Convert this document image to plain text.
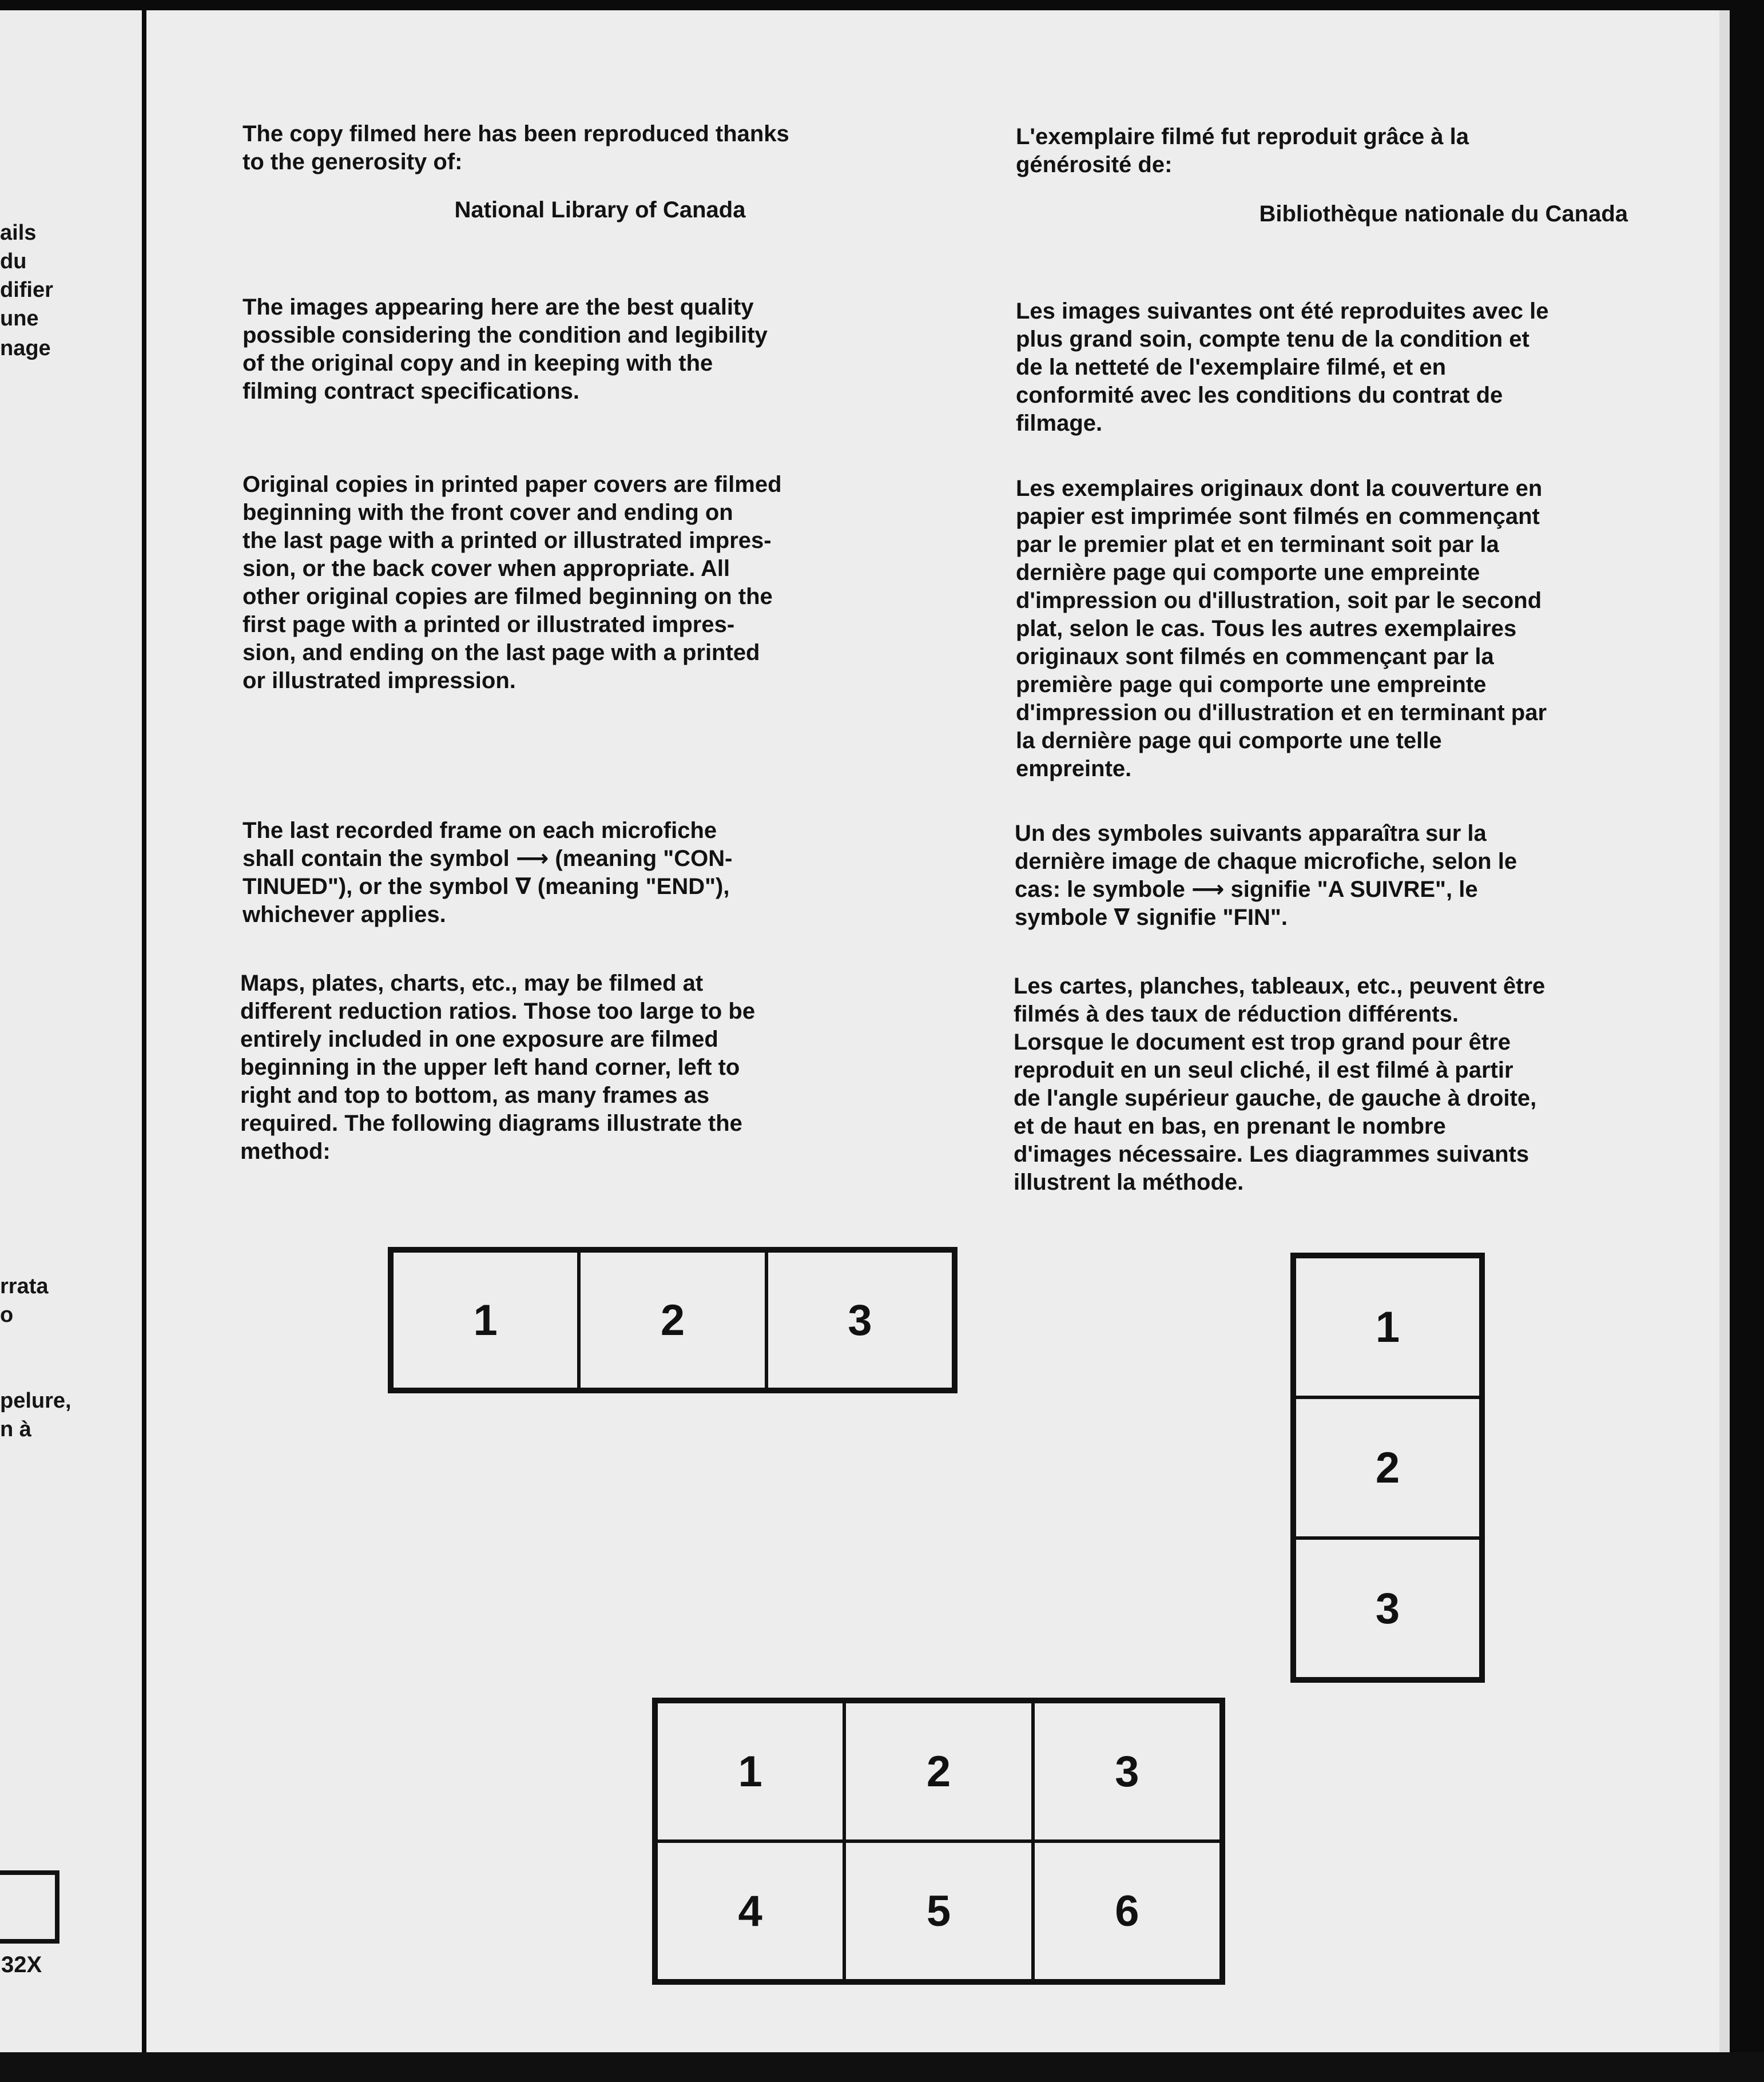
ails
du
difier
une
nage
rrata
o
pelure,
n à
32X
The copy filmed here has been reproduced thanks
to the generosity of:
National Library of Canada
The images appearing here are the best quality
possible considering the condition and legibility
of the original copy and in keeping with the
filming contract specifications.
Original copies in printed paper covers are filmed
beginning with the front cover and ending on
the last page with a printed or illustrated impres-
sion, or the back cover when appropriate. All
other original copies are filmed beginning on the
first page with a printed or illustrated impres-
sion, and ending on the last page with a printed
or illustrated impression.
The last recorded frame on each microfiche
shall contain the symbol ⟶ (meaning "CON-
TINUED"), or the symbol ∇ (meaning "END"),
whichever applies.
Maps, plates, charts, etc., may be filmed at
different reduction ratios. Those too large to be
entirely included in one exposure are filmed
beginning in the upper left hand corner, left to
right and top to bottom, as many frames as
required. The following diagrams illustrate the
method:
L'exemplaire filmé fut reproduit grâce à la
générosité de:
Bibliothèque nationale du Canada
Les images suivantes ont été reproduites avec le
plus grand soin, compte tenu de la condition et
de la netteté de l'exemplaire filmé, et en
conformité avec les conditions du contrat de
filmage.
Les exemplaires originaux dont la couverture en
papier est imprimée sont filmés en commençant
par le premier plat et en terminant soit par la
dernière page qui comporte une empreinte
d'impression ou d'illustration, soit par le second
plat, selon le cas. Tous les autres exemplaires
originaux sont filmés en commençant par la
première page qui comporte une empreinte
d'impression ou d'illustration et en terminant par
la dernière page qui comporte une telle
empreinte.
Un des symboles suivants apparaîtra sur la
dernière image de chaque microfiche, selon le
cas: le symbole ⟶ signifie "A SUIVRE", le
symbole ∇ signifie "FIN".
Les cartes, planches, tableaux, etc., peuvent être
filmés à des taux de réduction différents.
Lorsque le document est trop grand pour être
reproduit en un seul cliché, il est filmé à partir
de l'angle supérieur gauche, de gauche à droite,
et de haut en bas, en prenant le nombre
d'images nécessaire. Les diagrammes suivants
illustrent la méthode.
1	2	3	1
2
3
1	2	3
4	5	6
